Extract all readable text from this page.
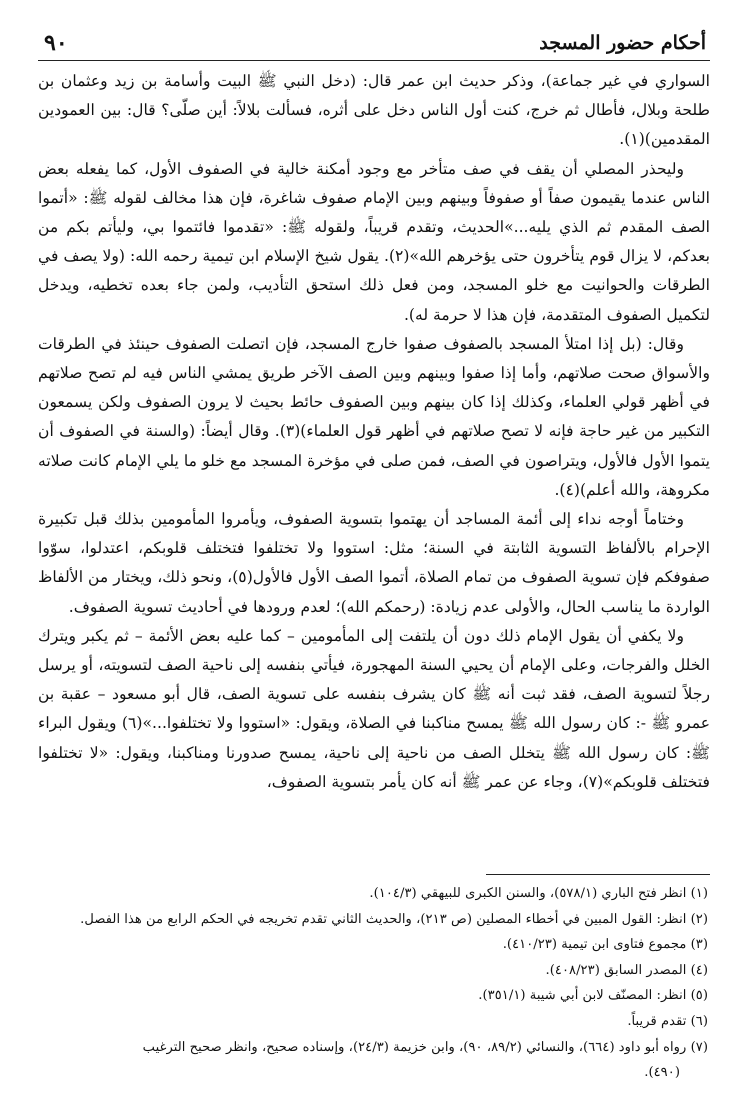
أحكام حضور المسجد
٩٠

السواري في غير جماعة)، وذكر حديث ابن عمر قال: (دخل النبي ﷺ البيت وأسامة بن زيد وعثمان بن طلحة وبلال، فأطال ثم خرج، كنت أول الناس دخل على أثره، فسألت بلالاً: أين صلّى؟ قال: بين العمودين المقدمين)(١).

وليحذر المصلي أن يقف في صف متأخر مع وجود أمكنة خالية في الصفوف الأول، كما يفعله بعض الناس عندما يقيمون صفاً أو صفوفاً وبينهم وبين الإمام صفوف شاغرة، فإن هذا مخالف لقوله ﷺ: «أتموا الصف المقدم ثم الذي يليه...»الحديث، وتقدم قريباً، ولقوله ﷺ: «تقدموا فائتموا بي، وليأتم بكم من بعدكم، لا يزال قوم يتأخرون حتى يؤخرهم الله»(٢). يقول شيخ الإسلام ابن تيمية رحمه الله: (ولا يصف في الطرقات والحوانيت مع خلو المسجد، ومن فعل ذلك استحق التأديب، ولمن جاء بعده تخطيه، ويدخل لتكميل الصفوف المتقدمة، فإن هذا لا حرمة له).

وقال: (بل إذا امتلأ المسجد بالصفوف صفوا خارج المسجد، فإن اتصلت الصفوف حينئذ في الطرقات والأسواق صحت صلاتهم، وأما إذا صفوا وبينهم وبين الصف الآخر طريق يمشي الناس فيه لم تصح صلاتهم في أظهر قولي العلماء، وكذلك إذا كان بينهم وبين الصفوف حائط بحيث لا يرون الصفوف ولكن يسمعون التكبير من غير حاجة فإنه لا تصح صلاتهم في أظهر قول العلماء)(٣). وقال أيضاً: (والسنة في الصفوف أن يتموا الأول فالأول، ويتراصون في الصف، فمن صلى في مؤخرة المسجد مع خلو ما يلي الإمام كانت صلاته مكروهة، والله أعلم)(٤).

وختاماً أوجه نداء إلى أئمة المساجد أن يهتموا بتسوية الصفوف، ويأمروا المأمومين بذلك قبل تكبيرة الإحرام بالألفاظ التسوية الثابتة في السنة؛ مثل: استووا ولا تختلفوا فتختلف قلوبكم، اعتدلوا، سوّوا صفوفكم فإن تسوية الصفوف من تمام الصلاة، أتموا الصف الأول فالأول(٥)، ونحو ذلك، ويختار من الألفاظ الواردة ما يناسب الحال، والأولى عدم زيادة: (رحمكم الله)؛ لعدم ورودها في أحاديث تسوية الصفوف.

ولا يكفي أن يقول الإمام ذلك دون أن يلتفت إلى المأمومين – كما عليه بعض الأئمة – ثم يكبر ويترك الخلل والفرجات، وعلى الإمام أن يحيي السنة المهجورة، فيأتي بنفسه إلى ناحية الصف لتسويته، أو يرسل رجلاً لتسوية الصف، فقد ثبت أنه ﷺ كان يشرف بنفسه على تسوية الصف، قال أبو مسعود – عقبة بن عمرو ﷺ -: كان رسول الله ﷺ يمسح مناكبنا في الصلاة، ويقول: «استووا ولا تختلفوا...»(٦) ويقول البراء ﷺ: كان رسول الله ﷺ يتخلل الصف من ناحية إلى ناحية، يمسح صدورنا ومناكبنا، ويقول: «لا تختلفوا فتختلف قلوبكم»(٧)، وجاء عن عمر ﷺ أنه كان يأمر بتسوية الصفوف،

(١) انظر فتح الباري (٥٧٨/١)، والسنن الكبرى للبيهقي (١٠٤/٣).

(٢) انظر: القول المبين في أخطاء المصلين (ص ٢١٣)، والحديث الثاني تقدم تخريجه في الحكم الرابع من هذا الفصل.

(٣) مجموع فتاوى ابن تيمية (٤١٠/٢٣).

(٤) المصدر السابق (٤٠٨/٢٣).

(٥) انظر: المصنّف لابن أبي شيبة (٣٥١/١).

(٦) تقدم قريباً.

(٧) رواه أبو داود (٦٦٤)، والنسائي (٨٩/٢، ٩٠)، وابن خزيمة (٢٤/٣)، وإسناده صحيح، وانظر صحيح الترغيب

(٤٩٠).
